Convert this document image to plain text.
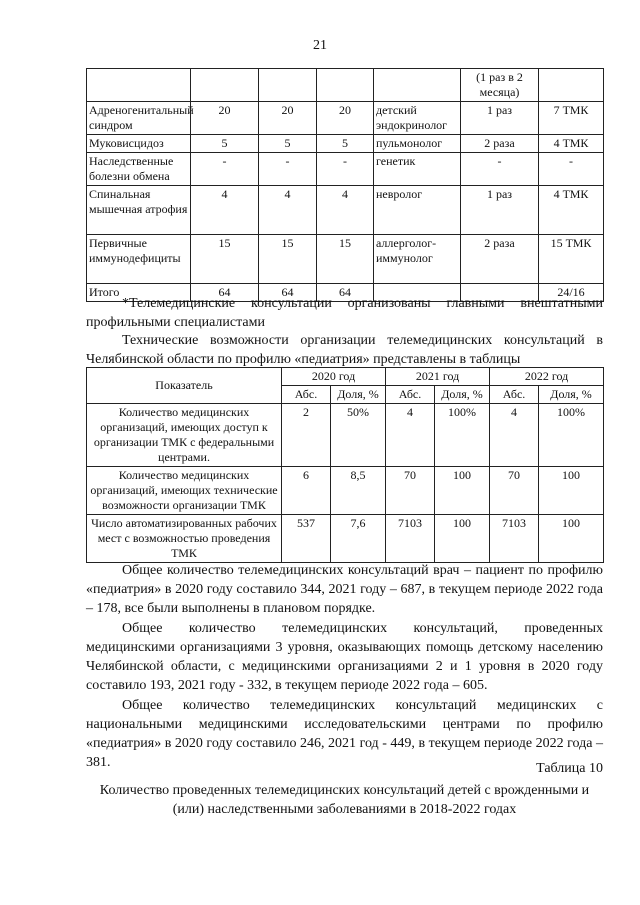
21
					(1 раз в 2 месяца)	
Адреногенитальный синдром	20	20	20	детский эндокринолог	1 раз	7 ТМК
Муковисцидоз	5	5	5	пульмонолог	2 раза	4 ТМК
Наследственные болезни обмена	-	-	-	генетик	-	-
Спинальная мышечная атрофия	4	4	4	невролог	1 раз	4 ТМК
Первичные иммунодефициты	15	15	15	аллерголог-иммунолог	2 раза	15 ТМК
Итого	64	64	64			24/16
*Телемедицинские консультации организованы главными внештатными профильными специалистами
Технические возможности организации телемедицинских консультаций в Челябинской области по профилю «педиатрия» представлены в таблицы
Показатель	2020 год		2021 год		2022 год	
	Абс.	Доля, %	Абс.	Доля, %	Абс.	Доля, %
Количество медицинских организаций, имеющих доступ к организации ТМК с федеральными центрами.	2	50%	4	100%	4	100%
Количество медицинских организаций, имеющих технические возможности организации ТМК	6	8,5	70	100	70	100
Число автоматизированных рабочих мест с возможностью проведения ТМК	537	7,6	7103	100	7103	100
Общее количество телемедицинских консультаций врач – пациент по профилю «педиатрия» в 2020 году составило 344, 2021 году – 687, в текущем периоде 2022 года – 178, все были выполнены в плановом порядке.
Общее количество телемедицинских консультаций, проведенных медицинскими организациями 3 уровня, оказывающих помощь детскому населению Челябинской области, с медицинскими организациями 2 и 1 уровня в 2020 году составило 193, 2021 году - 332, в текущем периоде 2022 года – 605.
Общее количество телемедицинских консультаций медицинских с национальными медицинскими исследовательскими центрами по профилю «педиатрия» в 2020 году составило 246, 2021 год - 449, в текущем периоде 2022 года – 381.	Таблица 10
Количество проведенных телемедицинских консультаций детей с врожденными и (или) наследственными заболеваниями в 2018-2022 годах
